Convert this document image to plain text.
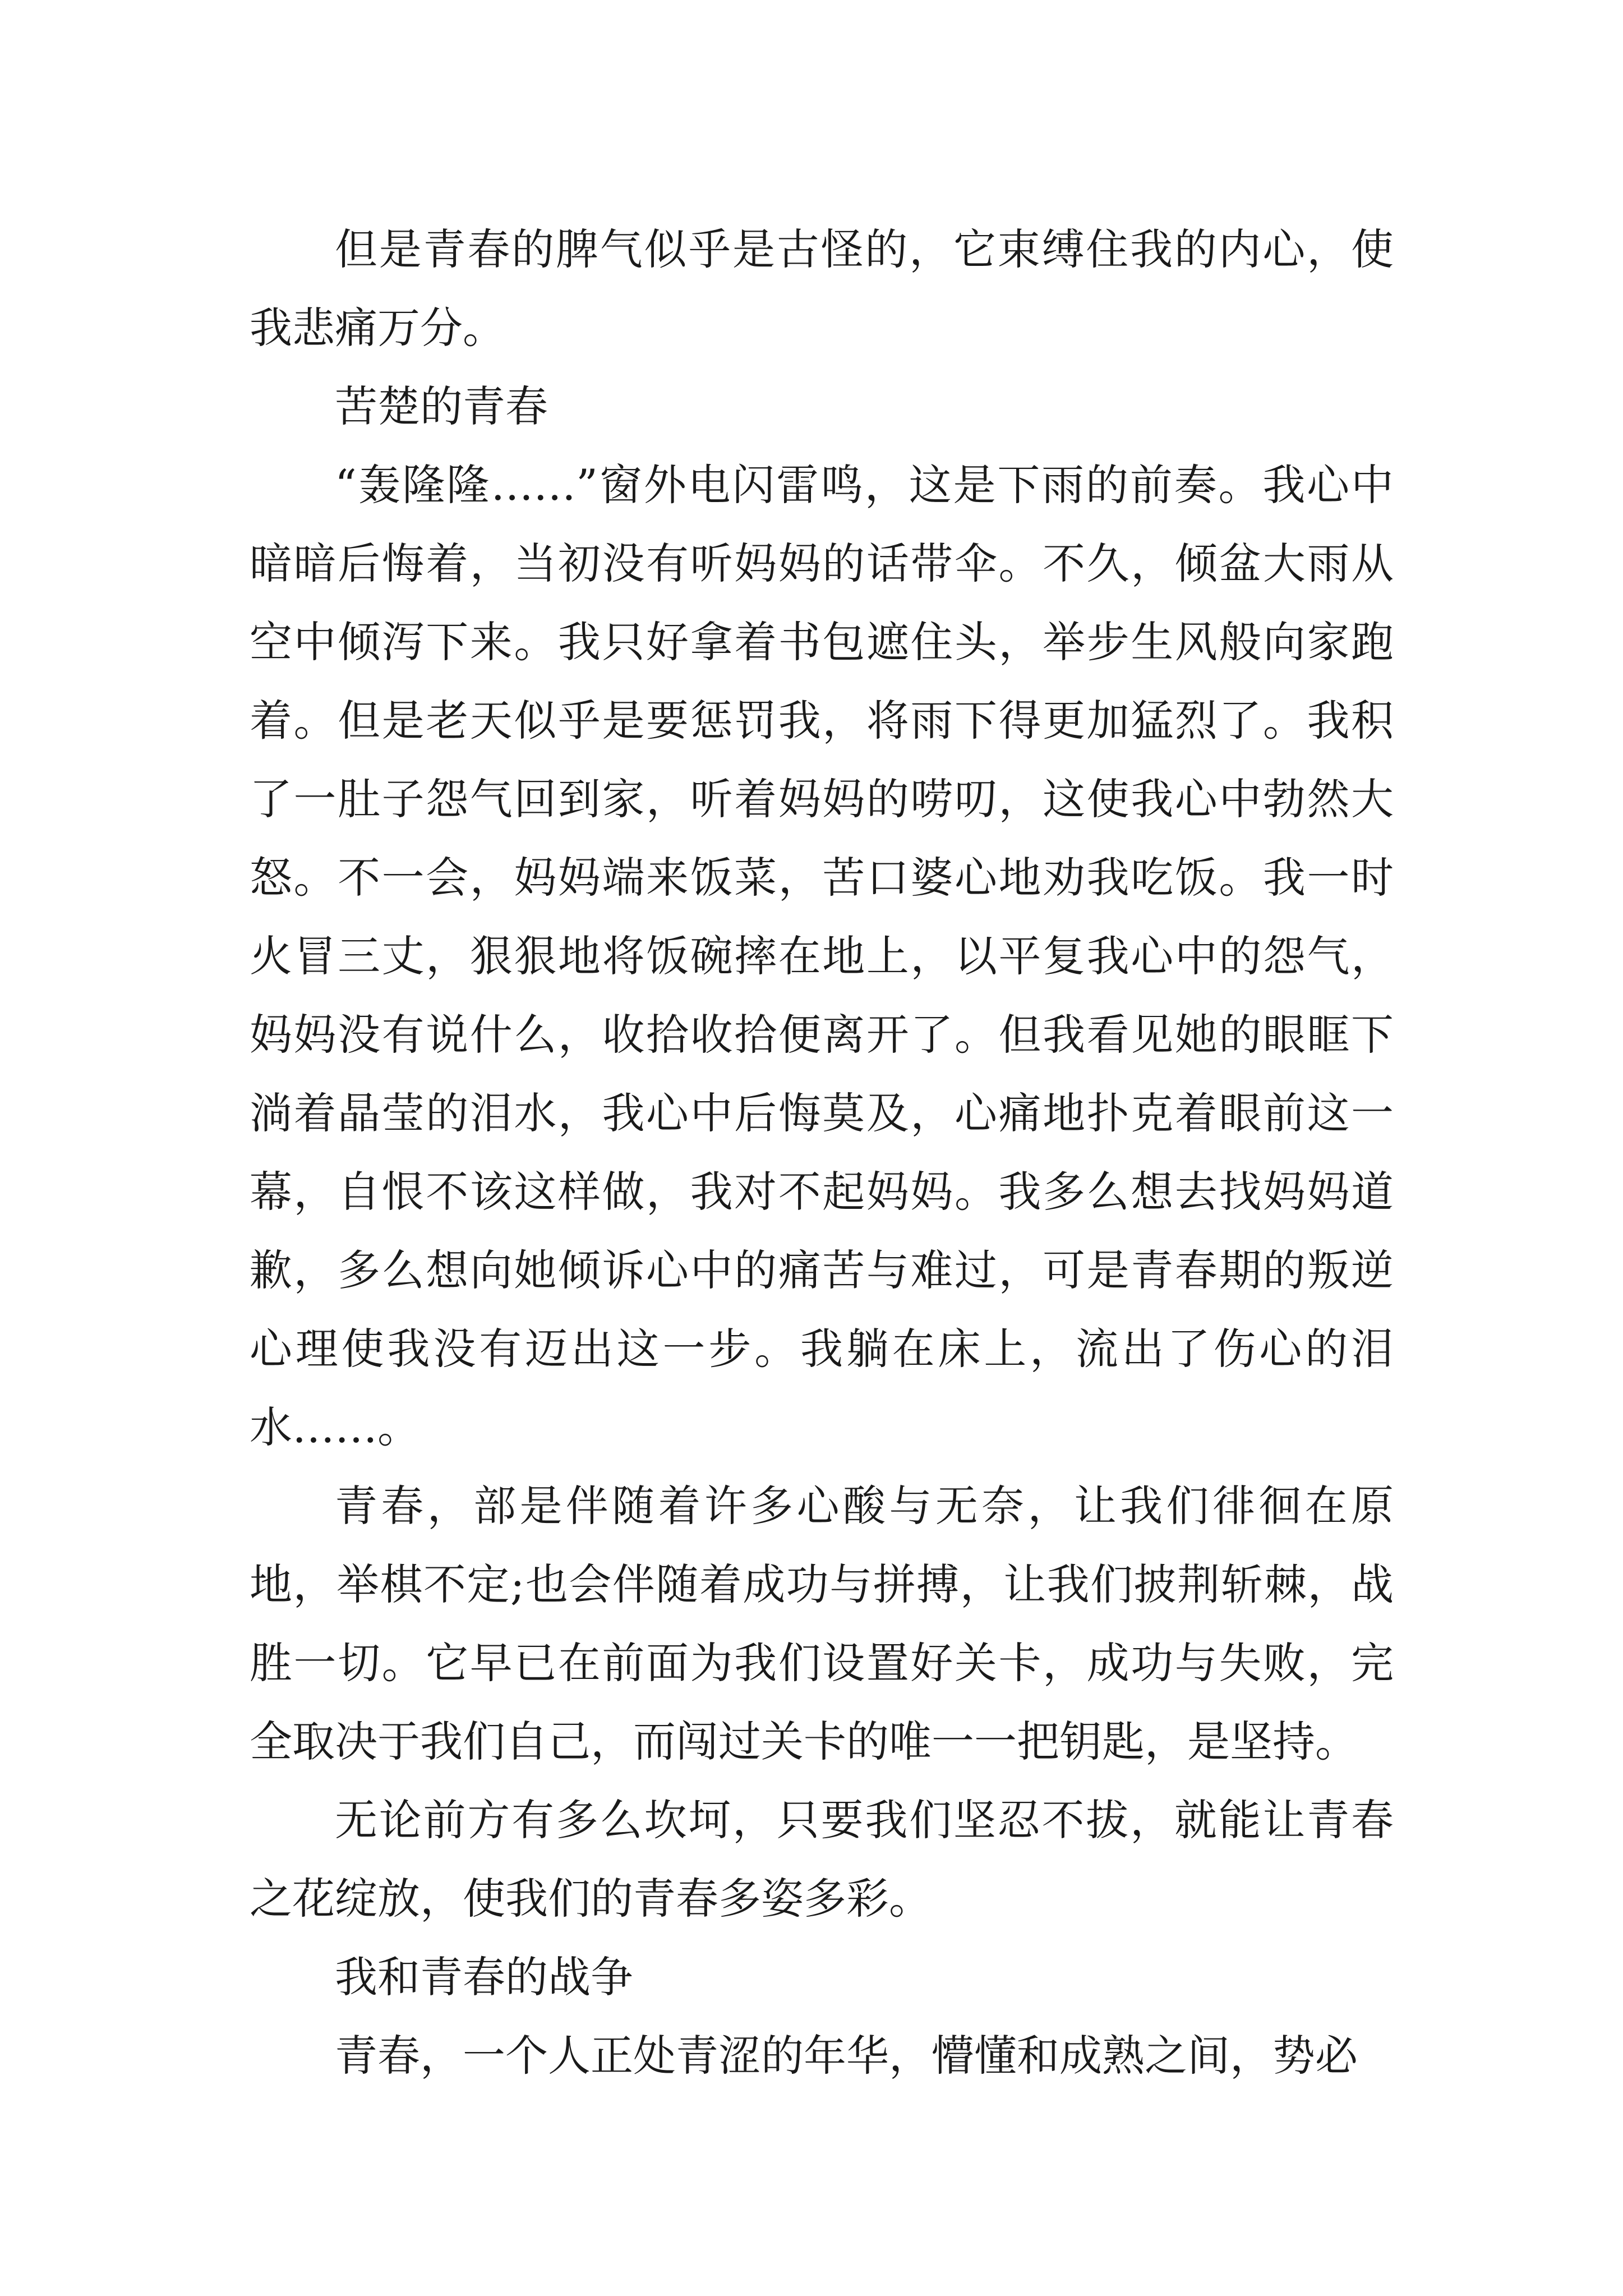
但是青春的脾气似乎是古怪的，它束缚住我的内心，使我悲痛万分。

苦楚的青春

“轰隆隆……”窗外电闪雷鸣，这是下雨的前奏。我心中暗暗后悔着，当初没有听妈妈的话带伞。不久，倾盆大雨从空中倾泻下来。我只好拿着书包遮住头，举步生风般向家跑着。但是老天似乎是要惩罚我，将雨下得更加猛烈了。我积了一肚子怨气回到家，听着妈妈的唠叨，这使我心中勃然大怒。不一会，妈妈端来饭菜，苦口婆心地劝我吃饭。我一时火冒三丈，狠狠地将饭碗摔在地上，以平复我心中的怨气，妈妈没有说什么，收拾收拾便离开了。但我看见她的眼眶下淌着晶莹的泪水，我心中后悔莫及，心痛地扑克着眼前这一幕，自恨不该这样做，我对不起妈妈。我多么想去找妈妈道歉，多么想向她倾诉心中的痛苦与难过，可是青春期的叛逆心理使我没有迈出这一步。我躺在床上，流出了伤心的泪水……。

青春，部是伴随着许多心酸与无奈，让我们徘徊在原地，举棋不定;也会伴随着成功与拼搏，让我们披荆斩棘，战胜一切。它早已在前面为我们设置好关卡，成功与失败，完全取决于我们自己，而闯过关卡的唯一一把钥匙，是坚持。

无论前方有多么坎坷，只要我们坚忍不拔，就能让青春之花绽放，使我们的青春多姿多彩。

我和青春的战争

青春，一个人正处青涩的年华，懵懂和成熟之间，势必
